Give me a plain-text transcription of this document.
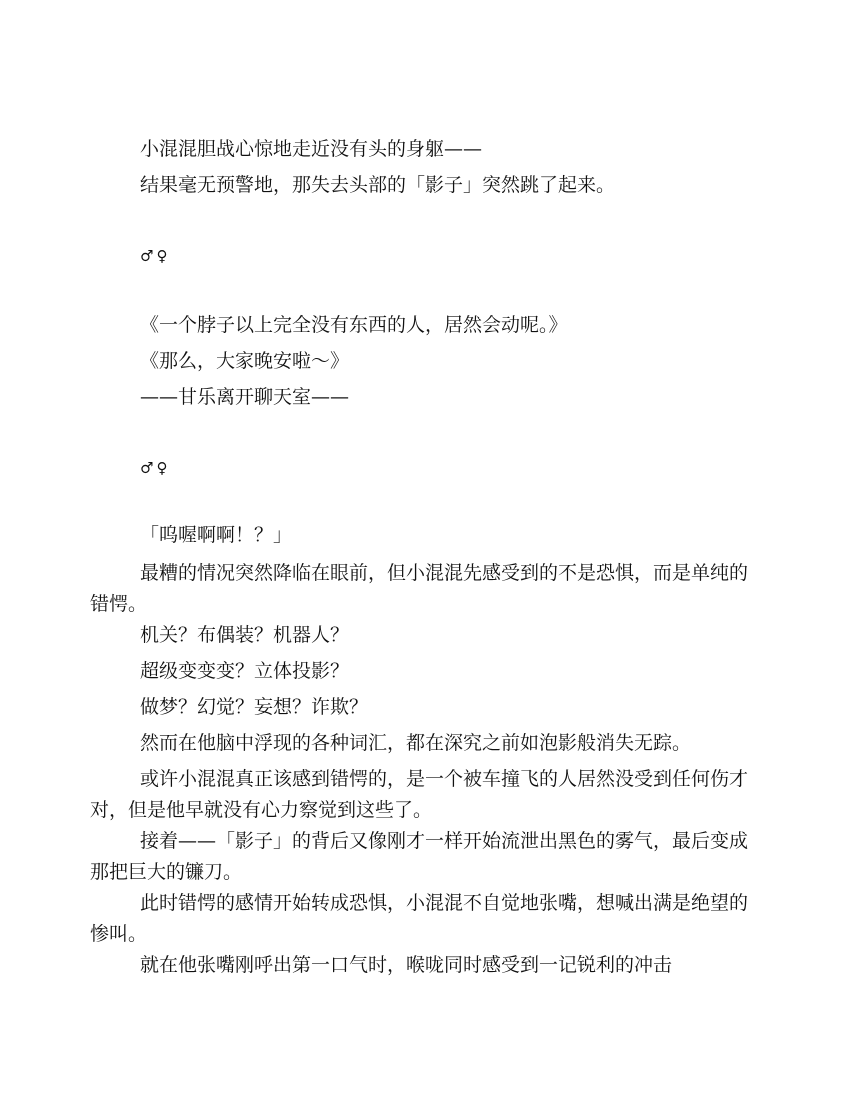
小混混胆战心惊地走近没有头的身躯——
结果毫无预警地，那失去头部的「影子」突然跳了起来。
♂♀
《一个脖子以上完全没有东西的人，居然会动呢。》
《那么，大家晚安啦～》
——甘乐离开聊天室——
♂♀
「呜喔啊啊！？」
最糟的情况突然降临在眼前，但小混混先感受到的不是恐惧，而是单纯的错愕。
机关？布偶装？机器人？
超级变变变？立体投影？
做梦？幻觉？妄想？诈欺？
然而在他脑中浮现的各种词汇，都在深究之前如泡影般消失无踪。
或许小混混真正该感到错愕的，是一个被车撞飞的人居然没受到任何伤才对，但是他早就没有心力察觉到这些了。
接着——「影子」的背后又像刚才一样开始流泄出黑色的雾气，最后变成那把巨大的镰刀。
此时错愕的感情开始转成恐惧，小混混不自觉地张嘴，想喊出满是绝望的惨叫。
就在他张嘴刚呼出第一口气时，喉咙同时感受到一记锐利的冲击
